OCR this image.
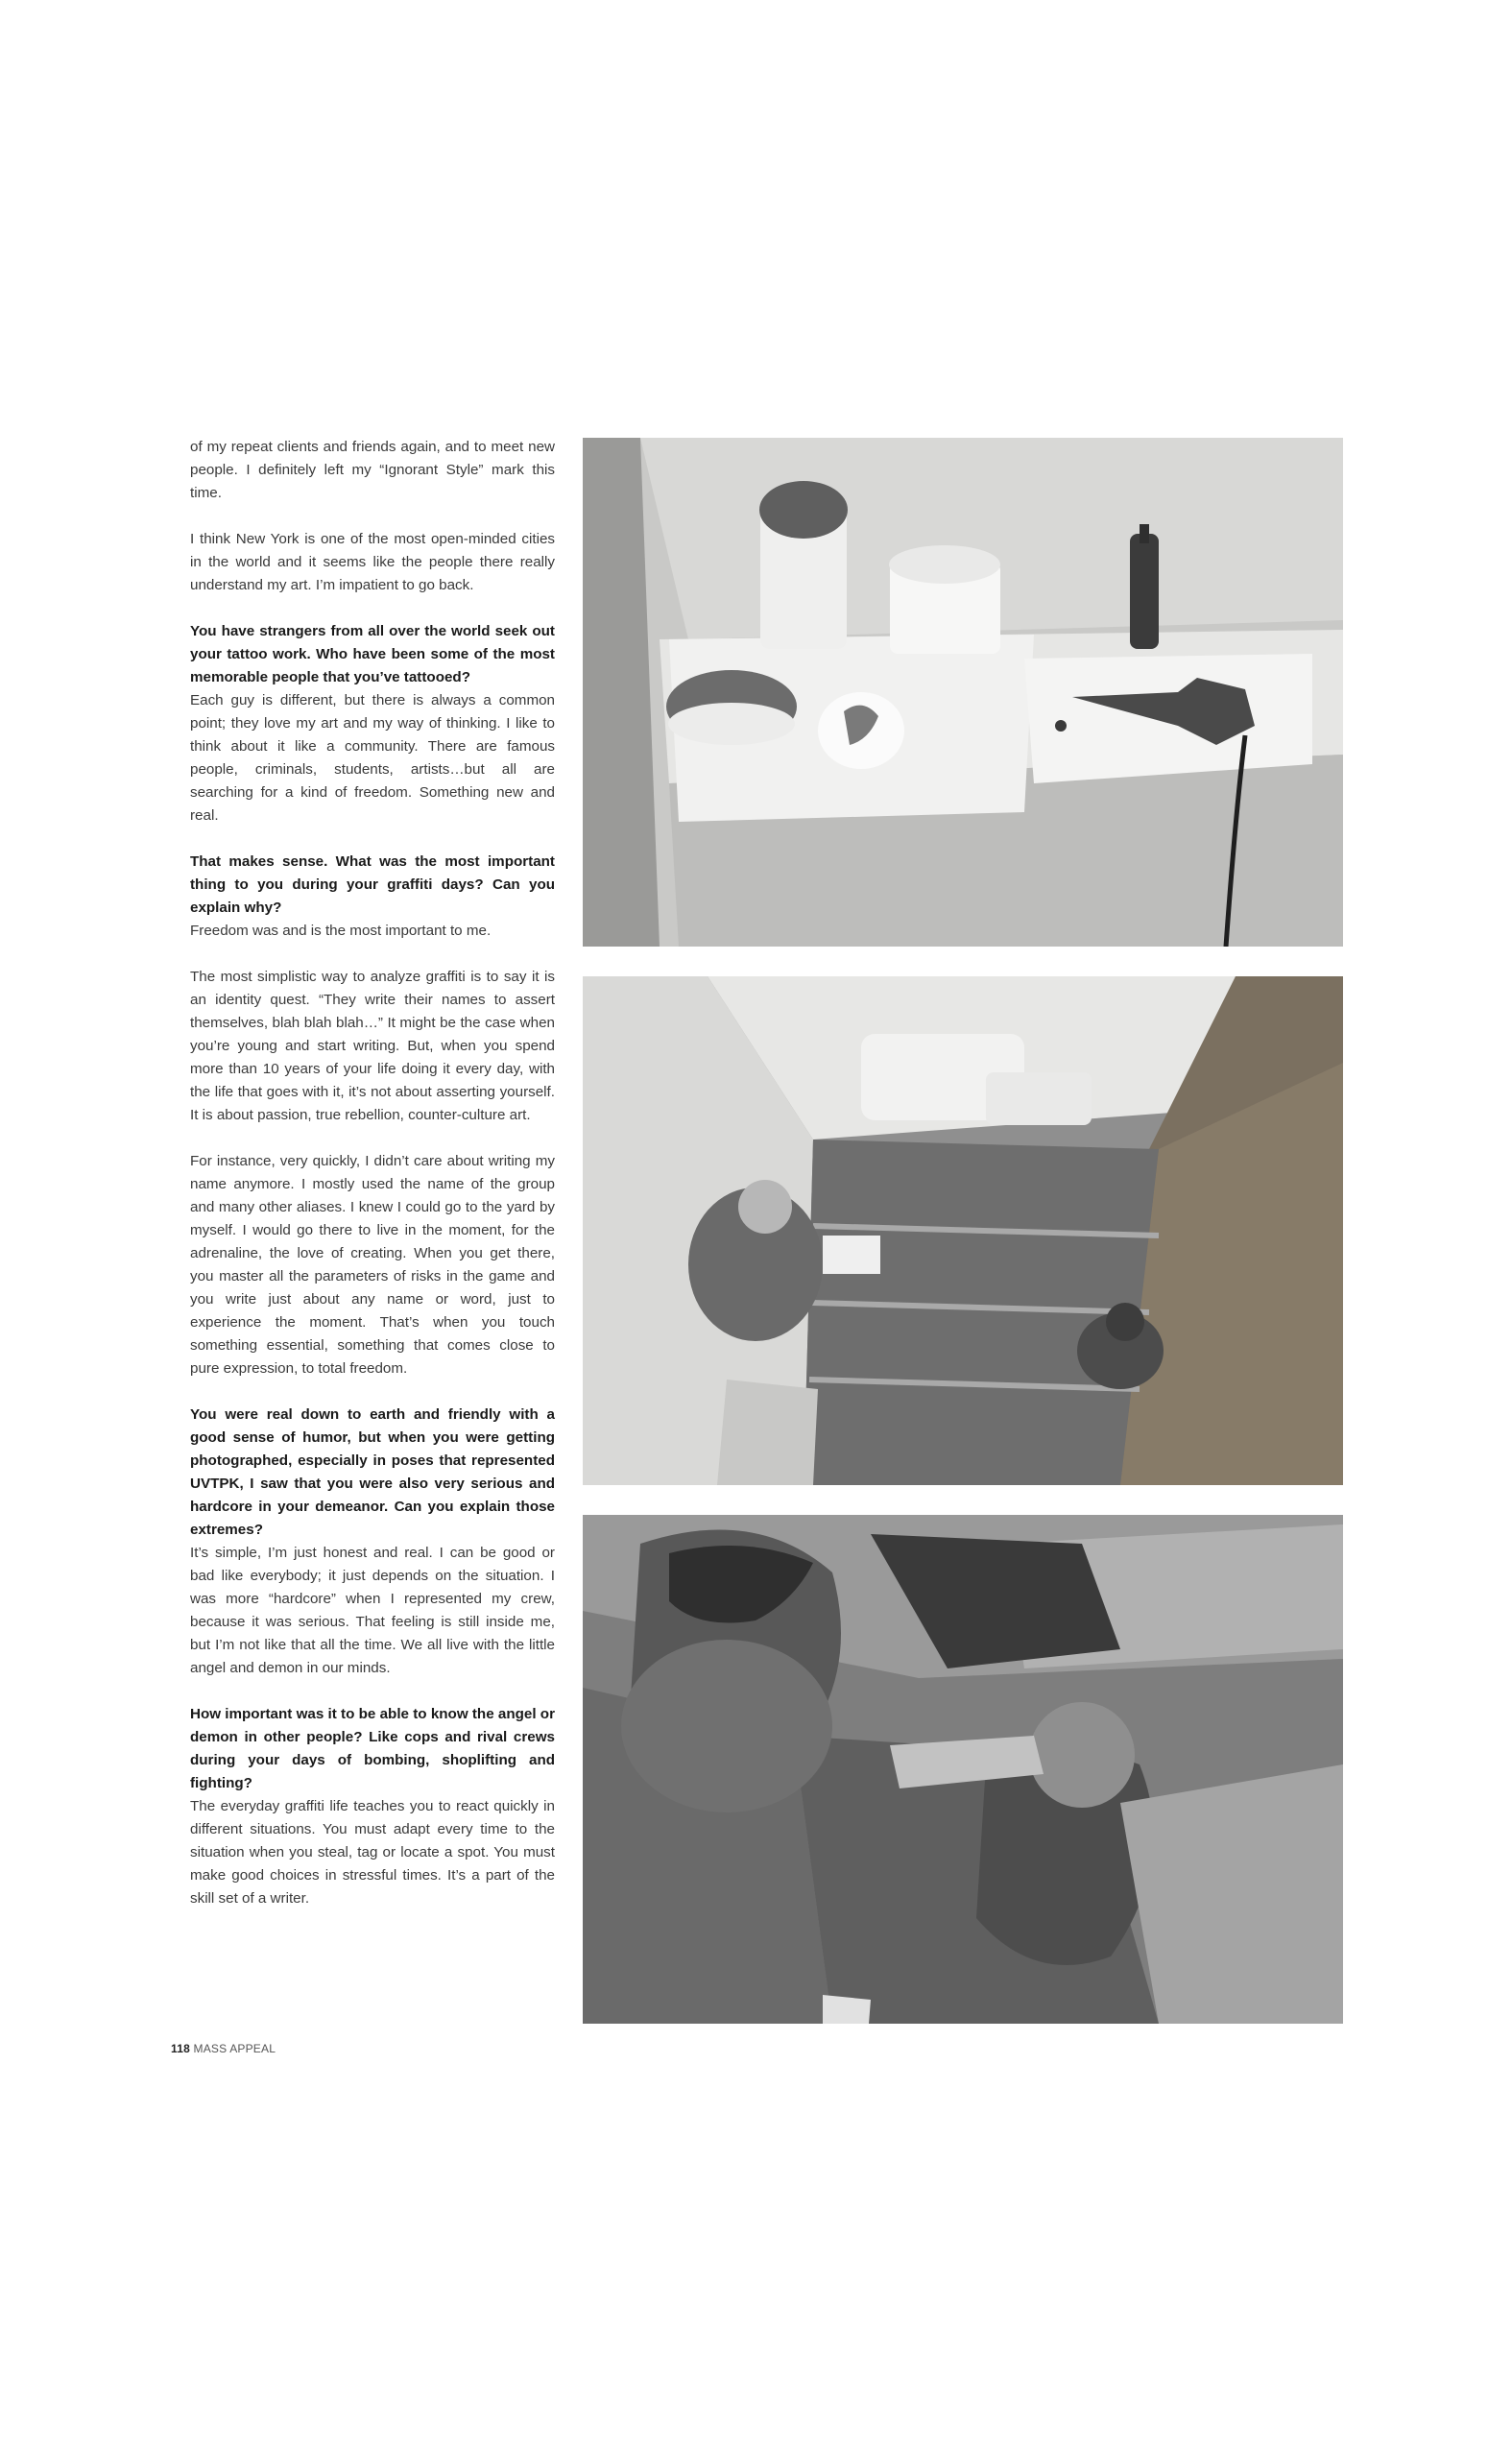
of my repeat clients and friends again, and to meet new people. I definitely left my “Ignorant Style” mark this time.

I think New York is one of the most open-minded cities in the world and it seems like the people there really understand my art. I’m impatient to go back.

You have strangers from all over the world seek out your tattoo work. Who have been some of the most memorable people that you’ve tattooed?

Each guy is different, but there is always a common point; they love my art and my way of thinking. I like to think about it like a community. There are famous people, criminals, students, artists…but all are searching for a kind of freedom. Something new and real.

That makes sense. What was the most important thing to you during your graffiti days? Can you explain why?

Freedom was and is the most important to me.

The most simplistic way to analyze graffiti is to say it is an identity quest. “They write their names to assert themselves, blah blah blah…” It might be the case when you’re young and start writing. But, when you spend more than 10 years of your life doing it every day, with the life that goes with it, it’s not about asserting yourself. It is about passion, true rebellion, counter-culture art.

For instance, very quickly, I didn’t care about writing my name anymore. I mostly used the name of the group and many other aliases. I knew I could go to the yard by myself. I would go there to live in the moment, for the adrenaline, the love of creating. When you get there, you master all the parameters of risks in the game and you write just about any name or word, just to experience the moment. That’s when you touch something essential, something that comes close to pure expression, to total freedom.

You were real down to earth and friendly with a good sense of humor, but when you were getting photographed, especially in poses that represented UVTPK, I saw that you were also very serious and hardcore in your demeanor. Can you explain those extremes?

It’s simple, I’m just honest and real. I can be good or bad like everybody; it just depends on the situation. I was more “hardcore” when I represented my crew, because it was serious. That feeling is still inside me, but I’m not like that all the time. We all live with the little angel and demon in our minds.

How important was it to be able to know the angel or demon in other people? Like cops and rival crews during your days of bombing, shoplifting and fighting?

The everyday graffiti life teaches you to react quickly in different situations. You must adapt every time to the situation when you steal, tag or locate a spot. You must make good choices in stressful times. It’s a part of the skill set of a writer.

118 MASS APPEAL
